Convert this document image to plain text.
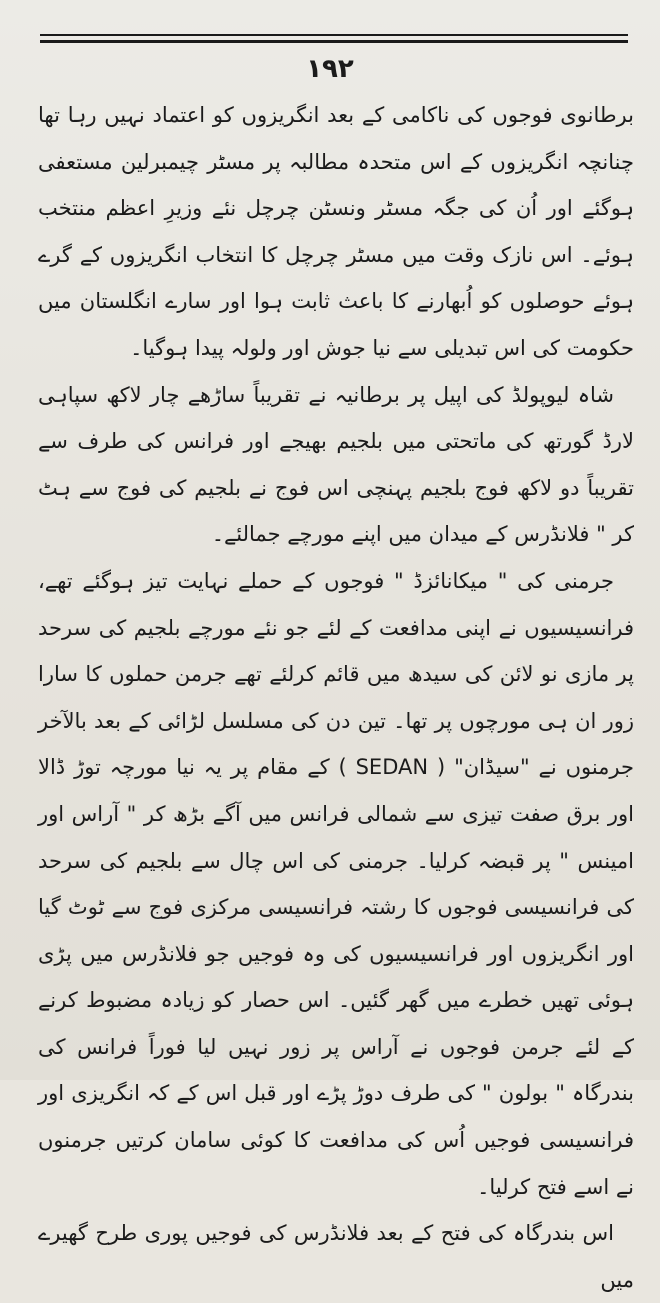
۱۹۲

برطانوی فوجوں کی ناکامی کے بعد انگریزوں کو اعتماد نہیں رہا تھا چنانچہ انگریزوں کے اس متحدہ مطالبہ پر مسٹر چیمبرلین مستعفی ہوگئے اور اُن کی جگہ مسٹر ونسٹن چرچل نئے وزیرِ اعظم منتخب ہوئے۔ اس نازک وقت میں مسٹر چرچل کا انتخاب انگریزوں کے گرے ہوئے حوصلوں کو اُبھارنے کا باعث ثابت ہوا اور سارے انگلستان میں حکومت کی اس تبدیلی سے نیا جوش اور ولولہ پیدا ہوگیا۔

شاہ لیوپولڈ کی اپیل پر برطانیہ نے تقریباً ساڑھے چار لاکھ سپاہی لارڈ گورتھ کی ماتحتی میں بلجیم بھیجے اور فرانس کی طرف سے تقریباً دو لاکھ فوج بلجیم پہنچی اس فوج نے بلجیم کی فوج سے ہٹ کر " فلانڈرس کے میدان میں اپنے مورچے جمالئے۔

جرمنی کی " میکانائزڈ " فوجوں کے حملے نہایت تیز ہوگئے تھے، فرانسیسیوں نے اپنی مدافعت کے لئے جو نئے مورچے بلجیم کی سرحد پر مازی نو لائن کی سیدھ میں قائم کرلئے تھے جرمن حملوں کا سارا زور ان ہی مورچوں پر تھا۔ تین دن کی مسلسل لڑائی کے بعد بالآخر جرمنوں نے "سیڈان" ( SEDAN ) کے مقام پر یہ نیا مورچہ توڑ ڈالا اور برق صفت تیزی سے شمالی فرانس میں آگے بڑھ کر " آراس اور امینس " پر قبضہ کرلیا۔ جرمنی کی اس چال سے بلجیم کی سرحد کی فرانسیسی فوجوں کا رشتہ فرانسیسی مرکزی فوج سے ٹوٹ گیا اور انگریزوں اور فرانسیسیوں کی وہ فوجیں جو فلانڈرس میں پڑی ہوئی تھیں خطرے میں گھر گئیں۔ اس حصار کو زیادہ مضبوط کرنے کے لئے جرمن فوجوں نے آراس پر زور نہیں لیا فوراً فرانس کی بندرگاہ " بولون " کی طرف دوڑ پڑے اور قبل اس کے کہ انگریزی اور فرانسیسی فوجیں اُس کی مدافعت کا کوئی سامان کرتیں جرمنوں نے اسے فتح کرلیا۔

اس بندرگاہ کی فتح کے بعد فلانڈرس کی فوجیں پوری طرح گھیرے میں
